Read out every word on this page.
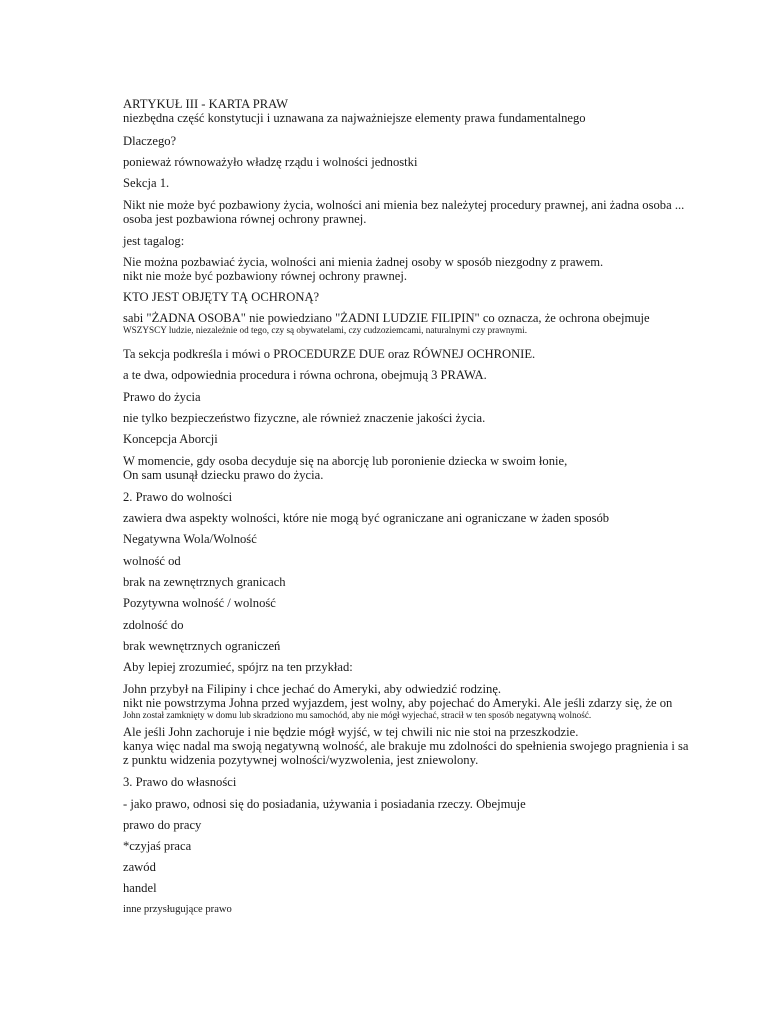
ARTYKUŁ III - KARTA PRAW
niezbędna część konstytucji i uznawana za najważniejsze elementy prawa fundamentalnego
Dlaczego?
ponieważ równoważyło władzę rządu i wolności jednostki
Sekcja 1.
Nikt nie może być pozbawiony życia, wolności ani mienia bez należytej procedury prawnej, ani żadna osoba ...
osoba jest pozbawiona równej ochrony prawnej.
jest tagalog:
Nie można pozbawiać życia, wolności ani mienia żadnej osoby w sposób niezgodny z prawem.
nikt nie może być pozbawiony równej ochrony prawnej.
KTO JEST OBJĘTY TĄ OCHRONĄ?
sabi "ŻADNA OSOBA" nie powiedziano "ŻADNI LUDZIE FILIPIN" co oznacza, że ochrona obejmuje
WSZYSCY ludzie, niezależnie od tego, czy są obywatelami, czy cudzoziemcami, naturalnymi czy prawnymi.
Ta sekcja podkreśla i mówi o PROCEDURZE DUE oraz RÓWNEJ OCHRONIE.
a te dwa, odpowiednia procedura i równa ochrona, obejmują 3 PRAWA.
Prawo do życia
nie tylko bezpieczeństwo fizyczne, ale również znaczenie jakości życia.
Koncepcja Aborcji
W momencie, gdy osoba decyduje się na aborcję lub poronienie dziecka w swoim łonie,
On sam usunął dziecku prawo do życia.
2. Prawo do wolności
zawiera dwa aspekty wolności, które nie mogą być ograniczane ani ograniczane w żaden sposób
Negatywna Wola/Wolność
wolność od
brak na zewnętrznych granicach
Pozytywna wolność / wolność
zdolność do
brak wewnętrznych ograniczeń
Aby lepiej zrozumieć, spójrz na ten przykład:
John przybył na Filipiny i chce jechać do Ameryki, aby odwiedzić rodzinę.
nikt nie powstrzyma Johna przed wyjazdem, jest wolny, aby pojechać do Ameryki. Ale jeśli zdarzy się, że on
John został zamknięty w domu lub skradziono mu samochód, aby nie mógł wyjechać, stracił w ten sposób negatywną wolność.
Ale jeśli John zachoruje i nie będzie mógł wyjść, w tej chwili nic nie stoi na przeszkodzie.
kanya więc nadal ma swoją negatywną wolność, ale brakuje mu zdolności do spełnienia swojego pragnienia i sa
z punktu widzenia pozytywnej wolności/wyzwolenia, jest zniewolony.
3. Prawo do własności
- jako prawo, odnosi się do posiadania, używania i posiadania rzeczy. Obejmuje
prawo do pracy
*czyjaś praca
zawód
handel
inne przysługujące prawo
